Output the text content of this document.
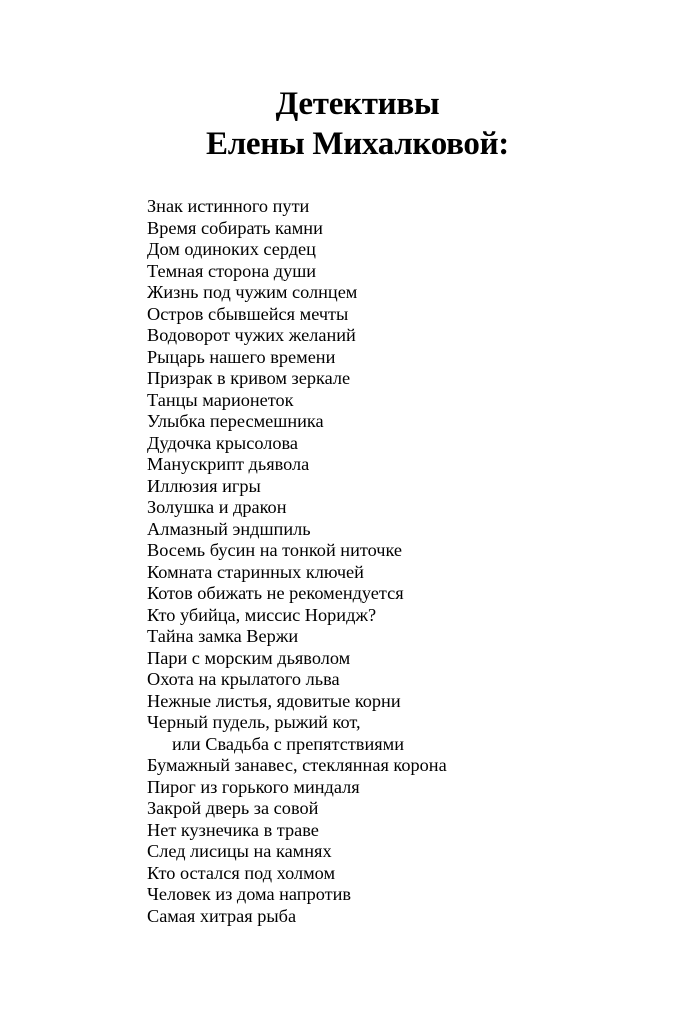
Детективы
Елены Михалковой:
Знак истинного пути
Время собирать камни
Дом одиноких сердец
Темная сторона души
Жизнь под чужим солнцем
Остров сбывшейся мечты
Водоворот чужих желаний
Рыцарь нашего времени
Призрак в кривом зеркале
Танцы марионеток
Улыбка пересмешника
Дудочка крысолова
Манускрипт дьявола
Иллюзия игры
Золушка и дракон
Алмазный эндшпиль
Восемь бусин на тонкой ниточке
Комната старинных ключей
Котов обижать не рекомендуется
Кто убийца, миссис Норидж?
Тайна замка Вержи
Пари с морским дьяволом
Охота на крылатого льва
Нежные листья, ядовитые корни
Черный пудель, рыжий кот,
или Свадьба с препятствиями
Бумажный занавес, стеклянная корона
Пирог из горького миндаля
Закрой дверь за совой
Нет кузнечика в траве
След лисицы на камнях
Кто остался под холмом
Человек из дома напротив
Самая хитрая рыба
